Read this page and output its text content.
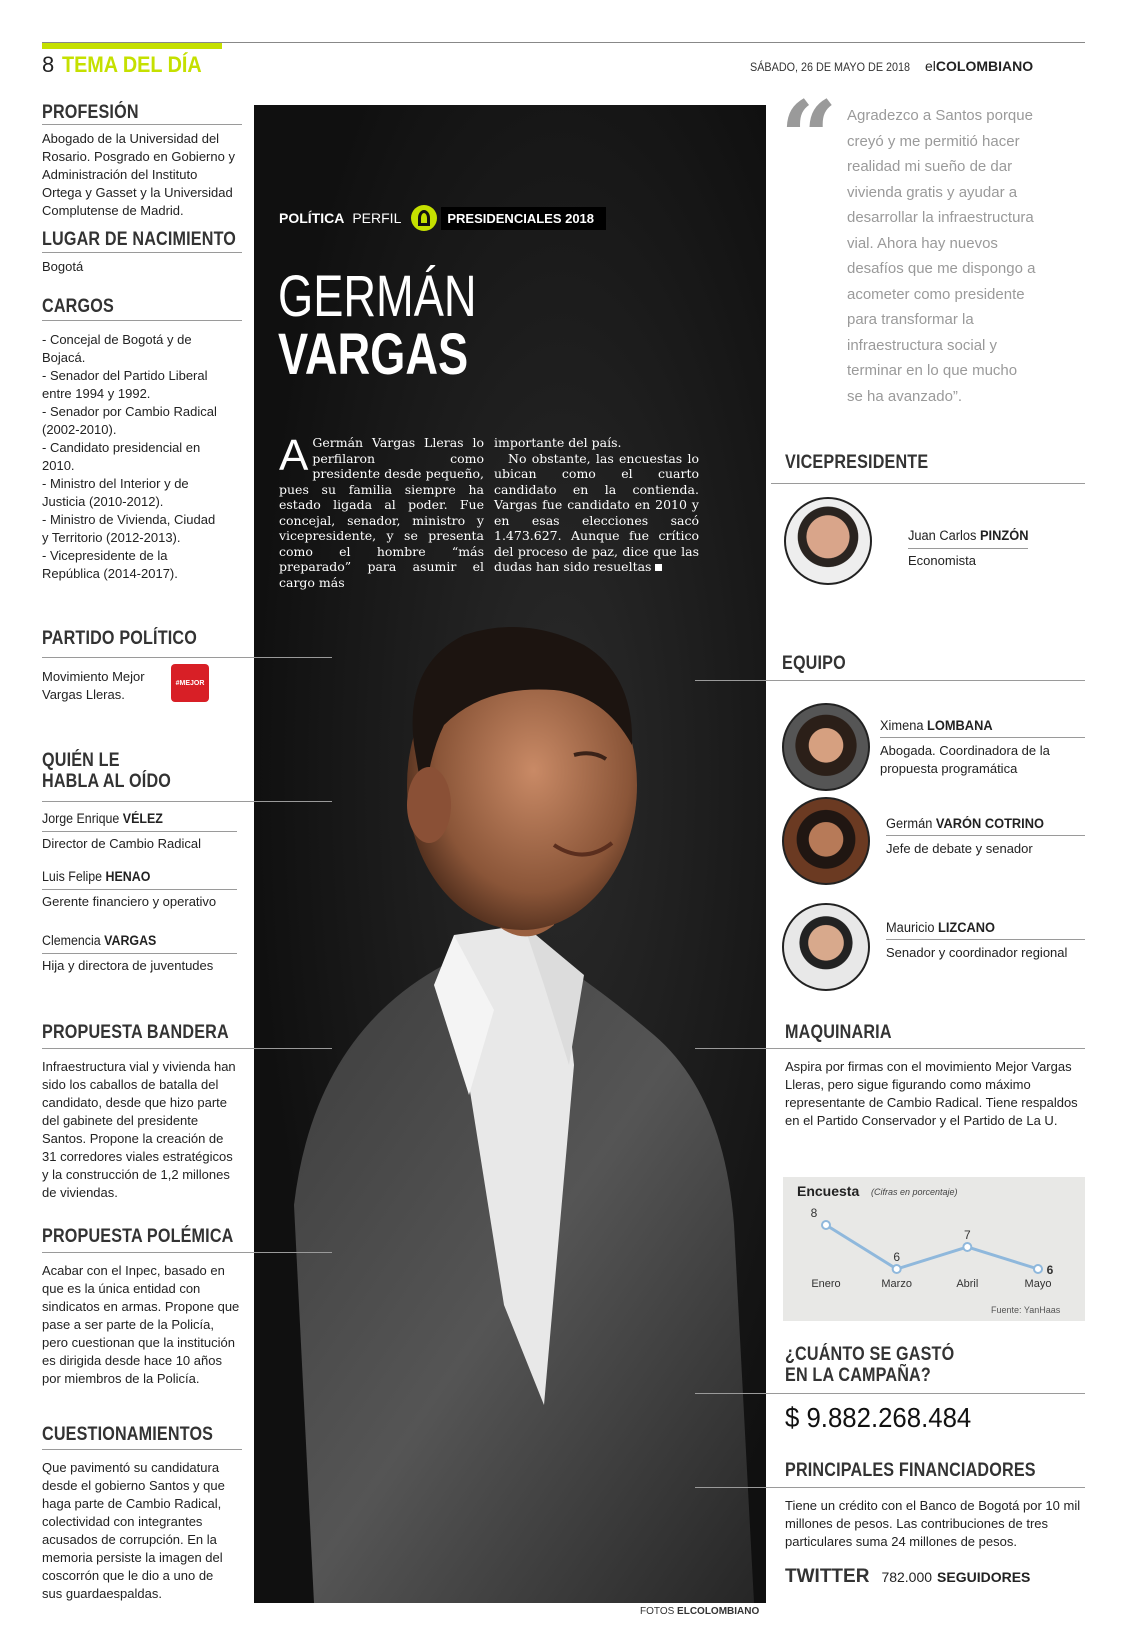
8 TEMA DEL DÍA	SÁBADO, 26 DE MAYO DE 2018 elCOLOMBIANO
PROFESIÓN
Abogado de la Universidad del Rosario. Posgrado en Gobierno y Administración del Instituto Ortega y Gasset y la Universidad Complutense de Madrid.
LUGAR DE NACIMIENTO
Bogotá
CARGOS
- Concejal de Bogotá y de Bojacá.
- Senador del Partido Liberal entre 1994 y 1992.
- Senador por Cambio Radical (2002-2010).
- Candidato presidencial en 2010.
- Ministro del Interior y de Justicia (2010-2012).
- Ministro de Vivienda, Ciudad y Territorio (2012-2013).
- Vicepresidente de la República (2014-2017).
PARTIDO POLÍTICO
Movimiento Mejor Vargas Lleras.
#MEJOR
QUIÉN LE
HABLA AL OÍDO
Jorge Enrique VÉLEZ
Director de Cambio Radical
Luis Felipe HENAO
Gerente financiero y operativo
Clemencia VARGAS
Hija y directora de juventudes
PROPUESTA BANDERA
Infraestructura vial y vivienda han sido los caballos de batalla del candidato, desde que hizo parte del gabinete del presidente Santos. Propone la creación de 31 corredores viales estratégicos y la construcción de 1,2 millones de viviendas.
PROPUESTA POLÉMICA
Acabar con el Inpec, basado en que es la única entidad con sindicatos en armas. Propone que pase a ser parte de la Policía, pero cuestionan que la institución es dirigida desde hace 10 años por miembros de la Policía.
CUESTIONAMIENTOS
Que pavimentó su candidatura desde el gobierno Santos y que haga parte de Cambio Radical, colectividad con integrantes acusados de corrupción. En la memoria persiste la imagen del coscorrón que le dio a uno de sus guardaespaldas.
POLÍTICA PERFIL	PRESIDENCIALES 2018
GERMÁN
VARGAS
A Germán Vargas Lleras lo perfilaron como presidente desde pequeño, pues su familia siempre ha estado ligada al poder. Fue concejal, senador, ministro y vicepresidente, y se presenta como el hombre “más preparado” para asumir el cargo más
importante del país.
No obstante, las encuestas lo ubican como el cuarto candidato en la contienda. Vargas fue candidato en 2010 y en esas elecciones sacó 1.473.627. Aunque fue crítico del proceso de paz, dice que las dudas han sido resueltas
FOTOS ELCOLOMBIANO
“ Agradezco a Santos porque creyó y me permitió hacer realidad mi sueño de dar vivienda gratis y ayudar a desarrollar la infraestructura vial. Ahora hay nuevos desafíos que me dispongo a acometer como presidente para transformar la infraestructura social y terminar en lo que mucho se ha avanzado”.
VICEPRESIDENTE
Juan Carlos PINZÓN
Economista
EQUIPO
Ximena LOMBANA
Abogada. Coordinadora de la
propuesta programática
Germán VARÓN COTRINO
Jefe de debate y senador
Mauricio LIZCANO
Senador y coordinador regional
MAQUINARIA
Aspira por firmas con el movimiento Mejor Vargas Lleras, pero sigue figurando como máximo representante de Cambio Radical. Tiene respaldos en el Partido Conservador y el Partido de La U.
Encuesta (Cifras en porcentaje)
8
Enero
6
Marzo
7
Abril
6
Mayo
Fuente: YanHaas
¿CUÁNTO SE GASTÓ
EN LA CAMPAÑA?
$ 9.882.268.484
PRINCIPALES FINANCIADORES
Tiene un crédito con el Banco de Bogotá por 10 mil millones de pesos. Las contribuciones de tres particulares suma 24 millones de pesos.
TWITTER 782.000 SEGUIDORES
